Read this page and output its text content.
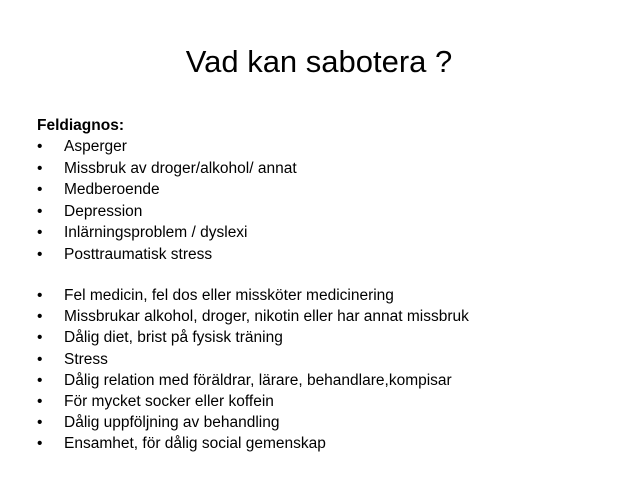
Vad kan sabotera ?

Feldiagnos:

•	Asperger
•	Missbruk av droger/alkohol/ annat
•	Medberoende
•	Depression
•	Inlärningsproblem / dyslexi
•	Posttraumatisk stress
•	Fel medicin, fel dos eller missköter medicinering
•	Missbrukar alkohol, droger, nikotin eller har annat missbruk
•	Dålig diet, brist på fysisk träning
•	Stress
•	Dålig relation med föräldrar, lärare, behandlare,kompisar
•	För mycket socker eller koffein
•	Dålig uppföljning av behandling
•	Ensamhet, för dålig social gemenskap
